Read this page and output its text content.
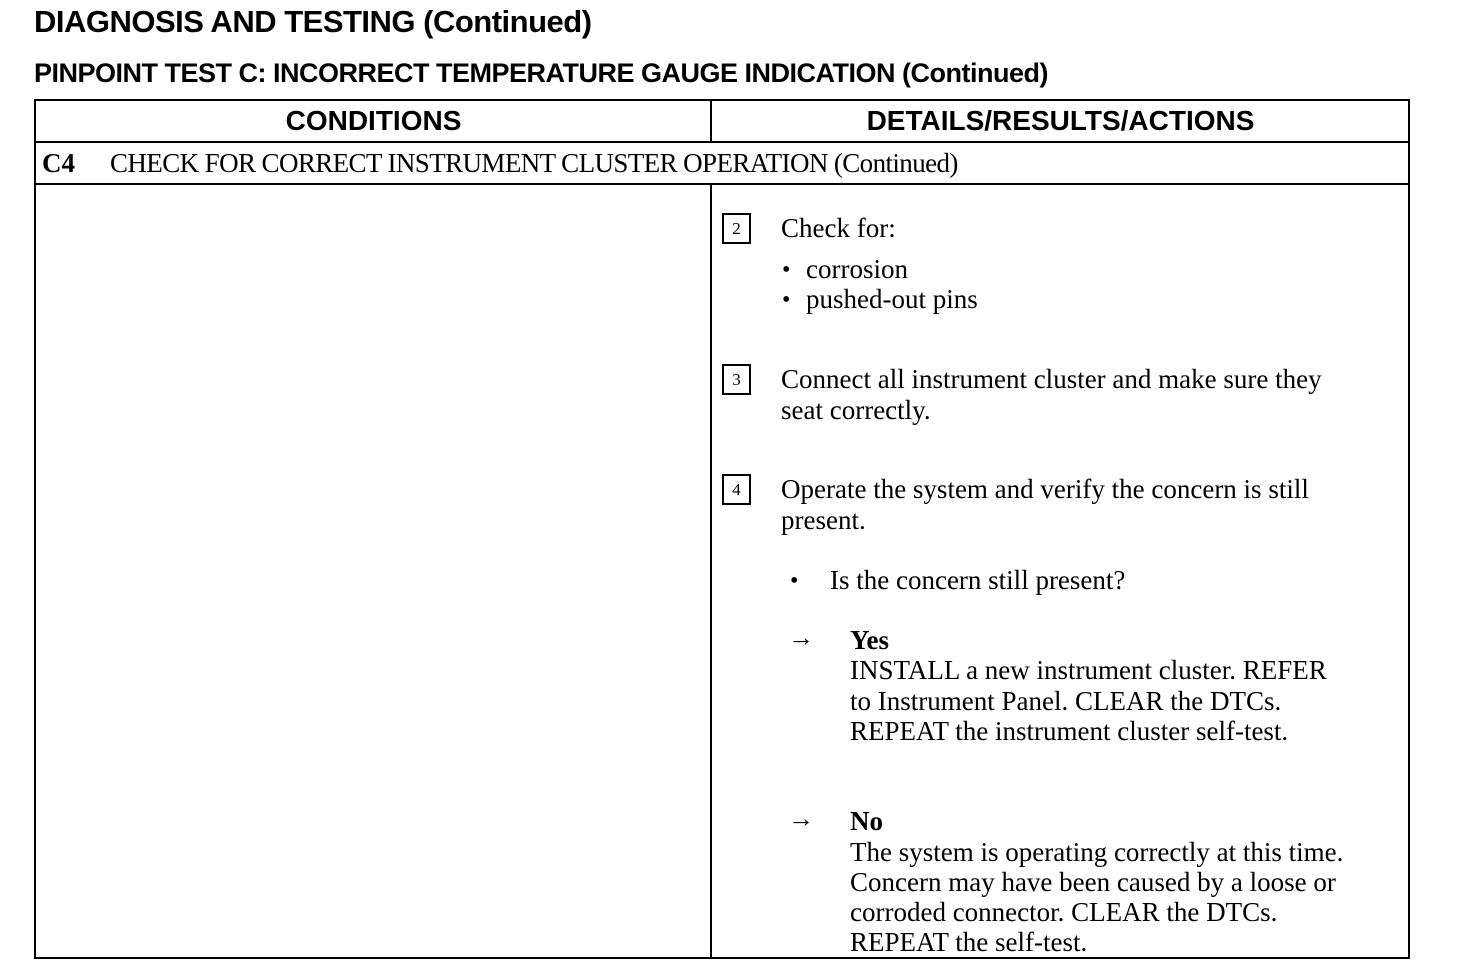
DIAGNOSIS AND TESTING (Continued)
PINPOINT TEST C: INCORRECT TEMPERATURE GAUGE INDICATION (Continued)
CONDITIONS	DETAILS/RESULTS/ACTIONS
C4 CHECK FOR CORRECT INSTRUMENT CLUSTER OPERATION (Continued)
2	Check for:
• corrosion
• pushed-out pins
3	Connect all instrument cluster and make sure they
seat correctly.
4	Operate the system and verify the concern is still
present.
• Is the concern still present?
→ Yes
INSTALL a new instrument cluster. REFER
to Instrument Panel. CLEAR the DTCs.
REPEAT the instrument cluster self-test.
→ No
The system is operating correctly at this time.
Concern may have been caused by a loose or
corroded connector. CLEAR the DTCs.
REPEAT the self-test.
